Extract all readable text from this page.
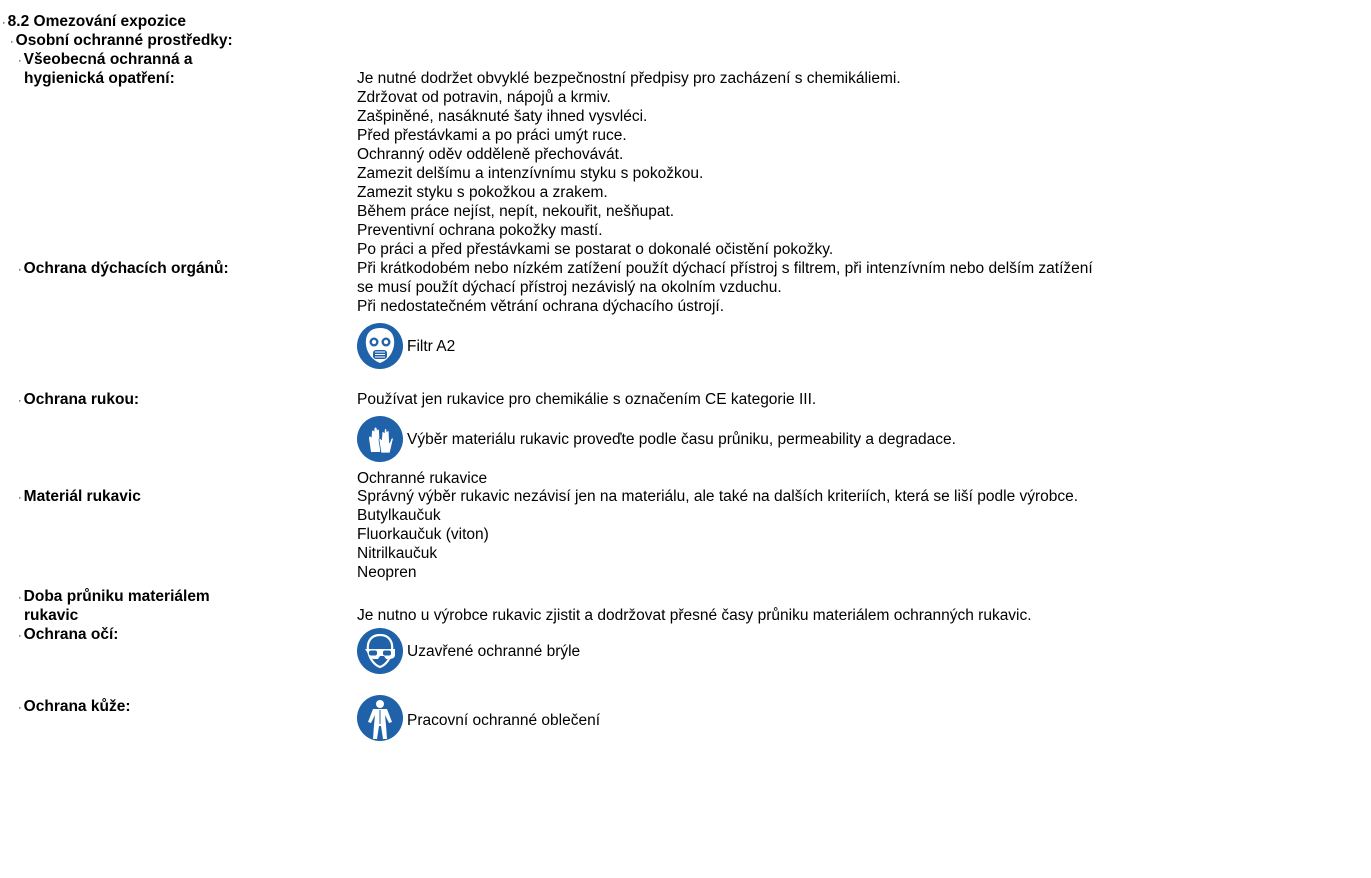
· 8.2 Omezování expozice
· Osobní ochranné prostředky:
· Všeobecná ochranná a
hygienická opatření:	Je nutné dodržet obvyklé bezpečnostní předpisy pro zacházení s chemikáliemi.
Zdržovat od potravin, nápojů a krmiv.
Zašpiněné, nasáknuté šaty ihned vysvléci.
Před přestávkami a po práci umýt ruce.
Ochranný oděv odděleně přechovávát.
Zamezit delšímu a intenzívnímu styku s pokožkou.
Zamezit styku s pokožkou a zrakem.
Během práce nejíst, nepít, nekouřit, nešňupat.
Preventivní ochrana pokožky mastí.
Po práci a před přestávkami se postarat o dokonalé očistění pokožky.
· Ochrana dýchacích orgánů:	Při krátkodobém nebo nízkém zatížení použít dýchací přístroj s filtrem, při intenzívním nebo delším zatížení
se musí použít dýchací přístroj nezávislý na okolním vzduchu.
Při nedostatečném větrání ochrana dýchacího ústrojí.
Filtr A2
· Ochrana rukou:	Používat jen rukavice pro chemikálie s označením CE kategorie III.
Výběr materiálu rukavic proveďte podle času průniku, permeability a degradace.
Ochranné rukavice
· Materiál rukavic	Správný výběr rukavic nezávisí jen na materiálu, ale také na dalších kriteriích, která se liší podle výrobce.
Butylkaučuk
Fluorkaučuk (viton)
Nitrilkaučuk
Neopren
· Doba průniku materiálem
rukavic	Je nutno u výrobce rukavic zjistit a dodržovat přesné časy průniku materiálem ochranných rukavic.
· Ochrana očí:
Uzavřené ochranné brýle
· Ochrana kůže:
Pracovní ochranné oblečení
